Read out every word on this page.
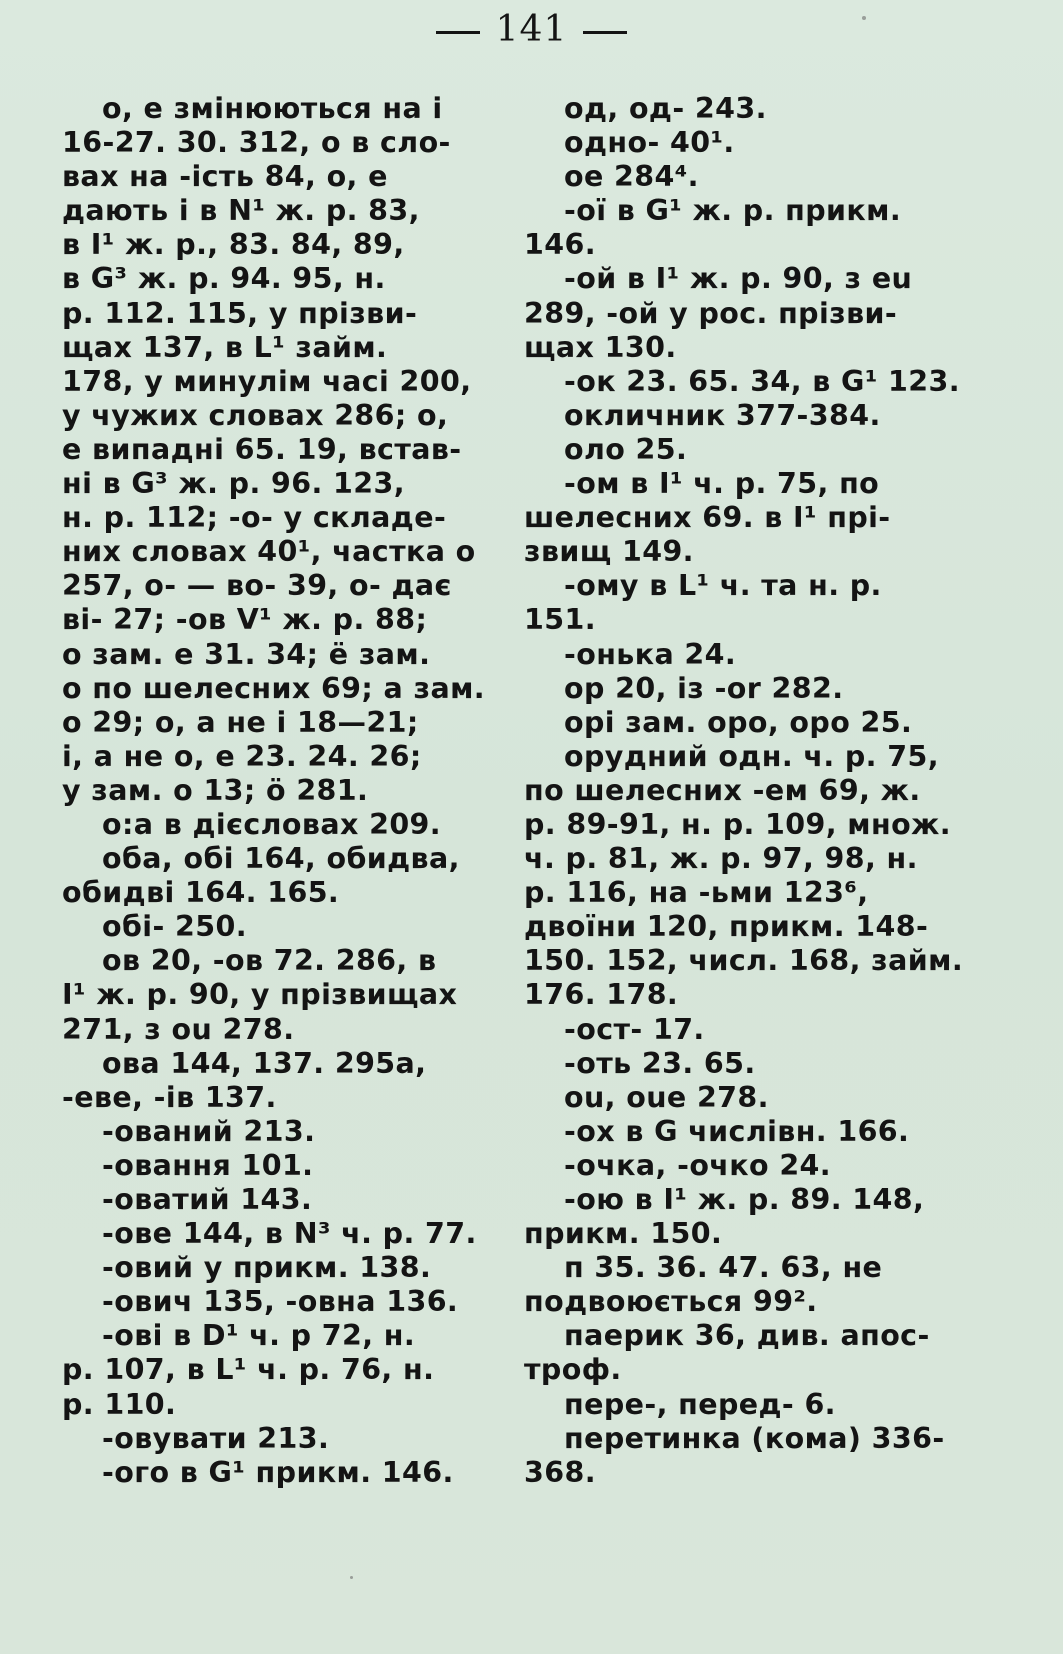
141
о, е змінюються на і
16-27. 30. 312, о в сло-
вах на -ість 84, о, е
дають і в N¹ ж. р. 83,
в І¹ ж. р., 83. 84, 89,
в G³ ж. р. 94. 95, н.
р. 112. 115, у прізви-
щах 137, в L¹ займ.
178, у минулім часі 200,
у чужих словах 286; о,
е випадні 65. 19, встав-
ні в G³ ж. р. 96. 123,
н. р. 112; -о- у складе-
них словах 40¹, частка о
257, о- — во- 39, о- дає
ві- 27; -ов V¹ ж. р. 88;
о зам. е 31. 34; ё зам.
о по шелесних 69; а зам.
о 29; о, а не і 18—21;
і, а не о, е 23. 24. 26;
у зам. о 13; ö 281.
о:а в дієсловах 209.
оба, обі 164, обидва,
обидві 164. 165.
обі- 250.
ов 20, -ов 72. 286, в
І¹ ж. р. 90, у прізвищах
271, з ou 278.
ова 144, 137. 295а,
-еве, -ів 137.
-ований 213.
-овання 101.
-оватий 143.
-ове 144, в N³ ч. р. 77.
-овий у прикм. 138.
-ович 135, -овна 136.
-ові в D¹ ч. р 72, н.
р. 107, в L¹ ч. р. 76, н.
р. 110.
-овувати 213.
-ого в G¹ прикм. 146.
од, од- 243.
одно- 40¹.
ое 284⁴.
-ої в G¹ ж. р. прикм.
146.
-ой в І¹ ж. р. 90, з еu
289, -ой у рос. прізви-
щах 130.
-ок 23. 65. 34, в G¹ 123.
окличник 377-384.
оло 25.
-ом в І¹ ч. р. 75, по
шелесних 69. в І¹ прі-
звищ 149.
-ому в L¹ ч. та н. р.
151.
-онька 24.
ор 20, із -or 282.
орі зам. оро, оро 25.
орудний одн. ч. р. 75,
по шелесних -ем 69, ж.
р. 89-91, н. р. 109, множ.
ч. р. 81, ж. р. 97, 98, н.
р. 116, на -ьми 123⁶,
двоїни 120, прикм. 148-
150. 152, числ. 168, займ.
176. 178.
-ост- 17.
-оть 23. 65.
ou, oue 278.
-ох в G числівн. 166.
-очка, -очко 24.
-ою в І¹ ж. р. 89. 148,
прикм. 150.
п 35. 36. 47. 63, не
подвоюється 99².
паерик 36, див. апос-
троф.
пере-, перед- 6.
перетинка (кома) 336-
368.
